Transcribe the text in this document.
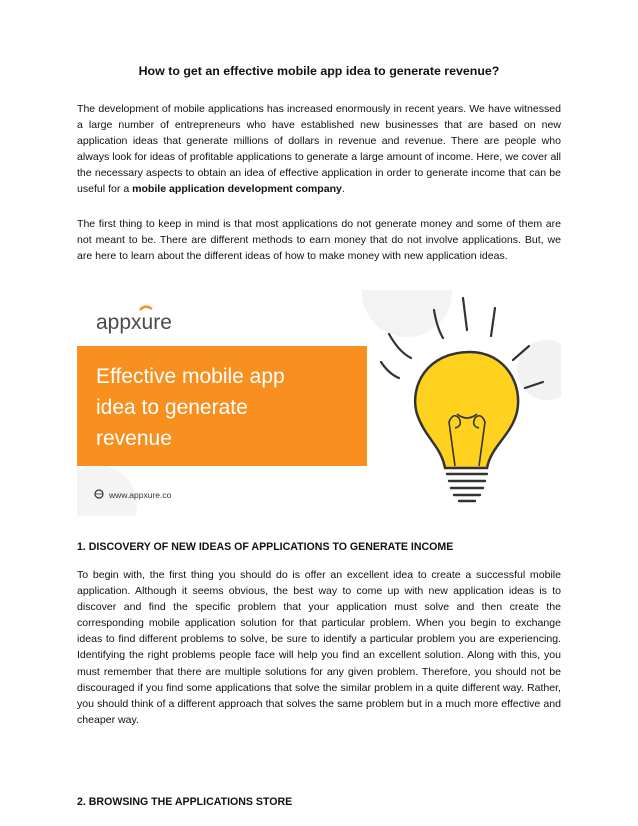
How to get an effective mobile app idea to generate revenue?

The development of mobile applications has increased enormously in recent years. We have witnessed a large number of entrepreneurs who have established new businesses that are based on new application ideas that generate millions of dollars in revenue and revenue. There are people who always look for ideas of profitable applications to generate a large amount of income. Here, we cover all the necessary aspects to obtain an idea of effective application in order to generate income that can be useful for a mobile application development company.

The first thing to keep in mind is that most applications do not generate money and some of them are not meant to be. There are different methods to earn money that do not involve applications. But, we are here to learn about the different ideas of how to make money with new application ideas.

appxure
Effective mobile app
idea to generate
revenue
www.appxure.co

1. DISCOVERY OF NEW IDEAS OF APPLICATIONS TO GENERATE INCOME

To begin with, the first thing you should do is offer an excellent idea to create a successful mobile application. Although it seems obvious, the best way to come up with new application ideas is to discover and find the specific problem that your application must solve and then create the corresponding mobile application solution for that particular problem. When you begin to exchange ideas to find different problems to solve, be sure to identify a particular problem you are experiencing. Identifying the right problems people face will help you find an excellent solution. Along with this, you must remember that there are multiple solutions for any given problem. Therefore, you should not be discouraged if you find some applications that solve the similar problem in a quite different way. Rather, you should think of a different approach that solves the same problem but in a much more effective and cheaper way.

2. BROWSING THE APPLICATIONS STORE
